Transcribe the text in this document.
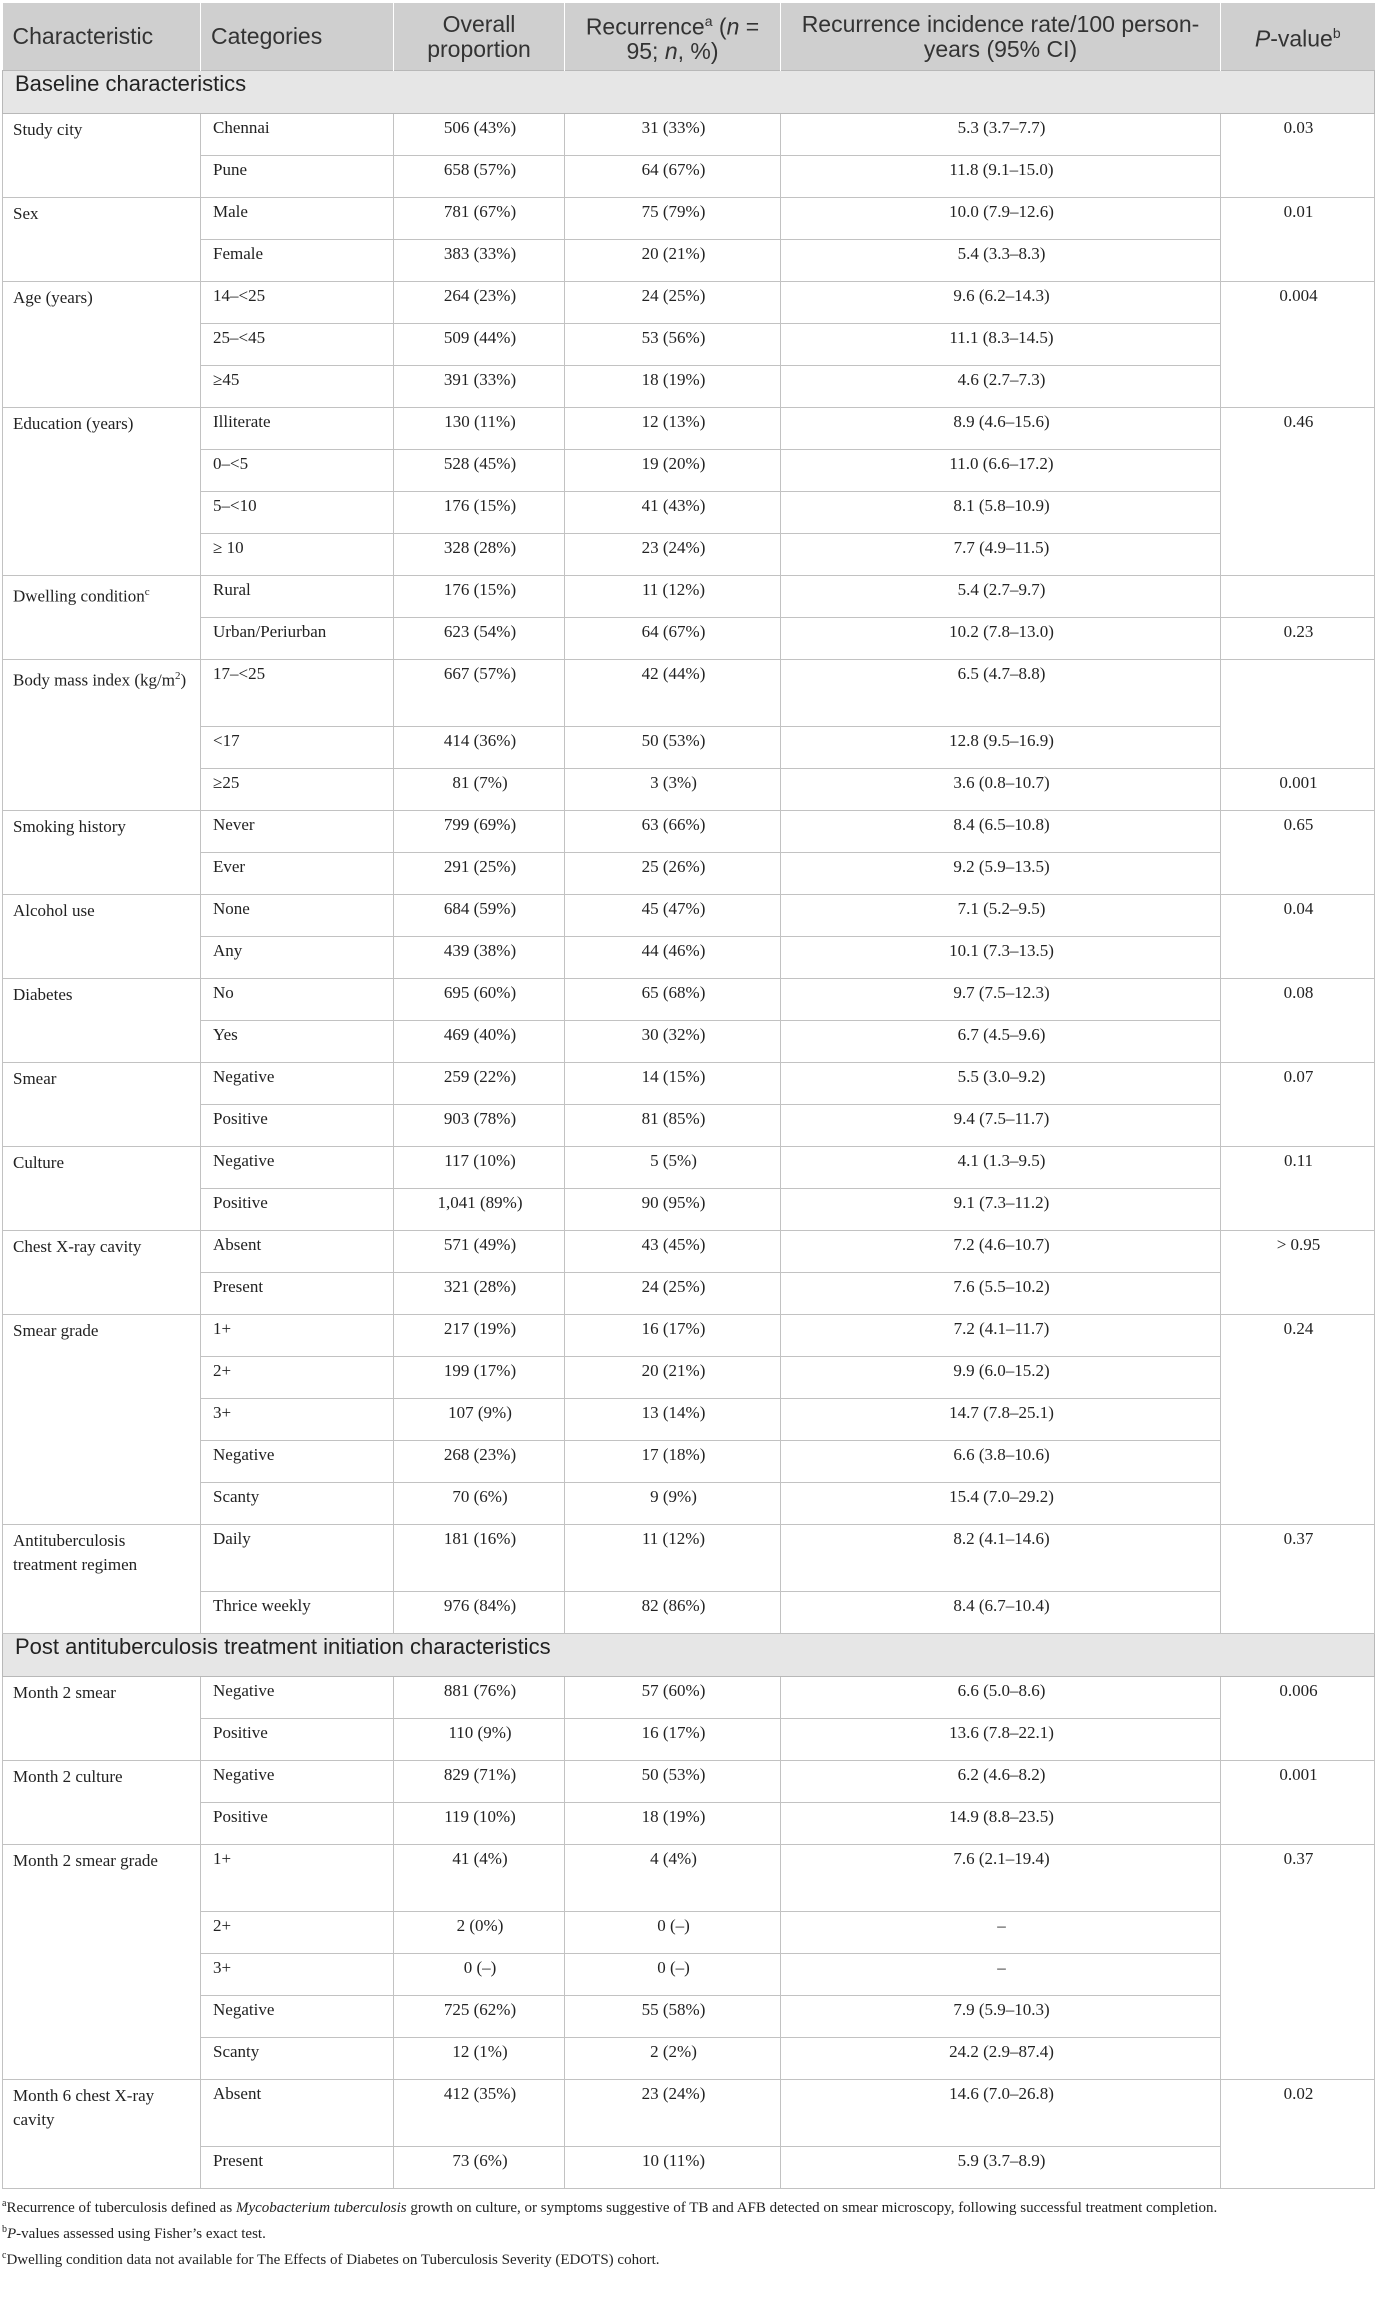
Characteristic	Categories	Overall proportion	Recurrence$^a$ (n = 95; n, %)	Recurrence incidence rate/100 person-years (95% CI)	P-value$^b$
Baseline characteristics					
Study city	Chennai	506 (43%)	31 (33%)	5.3 (3.7–7.7)	0.03
	Pune	658 (57%)	64 (67%)	11.8 (9.1–15.0)	
Sex	Male	781 (67%)	75 (79%)	10.0 (7.9–12.6)	0.01
	Female	383 (33%)	20 (21%)	5.4 (3.3–8.3)	
Age (years)	14–<25	264 (23%)	24 (25%)	9.6 (6.2–14.3)	0.004
	25–<45	509 (44%)	53 (56%)	11.1 (8.3–14.5)	
	≥45	391 (33%)	18 (19%)	4.6 (2.7–7.3)	
Education (years)	Illiterate	130 (11%)	12 (13%)	8.9 (4.6–15.6)	0.46
	0–<5	528 (45%)	19 (20%)	11.0 (6.6–17.2)	
	5–<10	176 (15%)	41 (43%)	8.1 (5.8–10.9)	
	≥ 10	328 (28%)	23 (24%)	7.7 (4.9–11.5)	
Dwelling condition$^c$	Rural	176 (15%)	11 (12%)	5.4 (2.7–9.7)	
	Urban/Periurban	623 (54%)	64 (67%)	10.2 (7.8–13.0)	0.23
Body mass index $(kg/m^2)$	17–<25	667 (57%)	42 (44%)	6.5 (4.7–8.8)	
	<17	414 (36%)	50 (53%)	12.8 (9.5–16.9)	
	≥25	81 (7%)	3 (3%)	3.6 (0.8–10.7)	0.001
Smoking history	Never	799 (69%)	63 (66%)	8.4 (6.5–10.8)	0.65
	Ever	291 (25%)	25 (26%)	9.2 (5.9–13.5)	
Alcohol use	None	684 (59%)	45 (47%)	7.1 (5.2–9.5)	0.04
	Any	439 (38%)	44 (46%)	10.1 (7.3–13.5)	
Diabetes	No	695 (60%)	65 (68%)	9.7 (7.5–12.3)	0.08
	Yes	469 (40%)	30 (32%)	6.7 (4.5–9.6)	
Smear	Negative	259 (22%)	14 (15%)	5.5 (3.0–9.2)	0.07
	Positive	903 (78%)	81 (85%)	9.4 (7.5–11.7)	
Culture	Negative	117 (10%)	5 (5%)	4.1 (1.3–9.5)	0.11
	Positive	1,041 (89%)	90 (95%)	9.1 (7.3–11.2)	
Chest X-ray cavity	Absent	571 (49%)	43 (45%)	7.2 (4.6–10.7)	> 0.95
	Present	321 (28%)	24 (25%)	7.6 (5.5–10.2)	
Smear grade	1+	217 (19%)	16 (17%)	7.2 (4.1–11.7)	0.24
	2+	199 (17%)	20 (21%)	9.9 (6.0–15.2)	
	3+	107 (9%)	13 (14%)	14.7 (7.8–25.1)	
	Negative	268 (23%)	17 (18%)	6.6 (3.8–10.6)	
	Scanty	70 (6%)	9 (9%)	15.4 (7.0–29.2)	
Antituberculosis treatment regimen	Daily	181 (16%)	11 (12%)	8.2 (4.1–14.6)	0.37
	Thrice weekly	976 (84%)	82 (86%)	8.4 (6.7–10.4)	
Post antituberculosis treatment initiation characteristics					
Month 2 smear	Negative	881 (76%)	57 (60%)	6.6 (5.0–8.6)	0.006
	Positive	110 (9%)	16 (17%)	13.6 (7.8–22.1)	
Month 2 culture	Negative	829 (71%)	50 (53%)	6.2 (4.6–8.2)	0.001
	Positive	119 (10%)	18 (19%)	14.9 (8.8–23.5)	
Month 2 smear grade	1+	41 (4%)	4 (4%)	7.6 (2.1–19.4)	0.37
	2+	2 (0%)	0 (–)	–	
	3+	0 (–)	0 (–)	–	
	Negative	725 (62%)	55 (58%)	7.9 (5.9–10.3)	
	Scanty	12 (1%)	2 (2%)	24.2 (2.9–87.4)	
Month 6 chest X-ray cavity	Absent	412 (35%)	23 (24%)	14.6 (7.0–26.8)	0.02
	Present	73 (6%)	10 (11%)	5.9 (3.7–8.9)	

$^a$Recurrence of tuberculosis defined as Mycobacterium tuberculosis growth on culture, or symptoms suggestive of TB and AFB detected on smear microscopy, following successful treatment completion.

$^b$P-values assessed using Fisher’s exact test.

$^c$Dwelling condition data not available for The Effects of Diabetes on Tuberculosis Severity (EDOTS) cohort.
